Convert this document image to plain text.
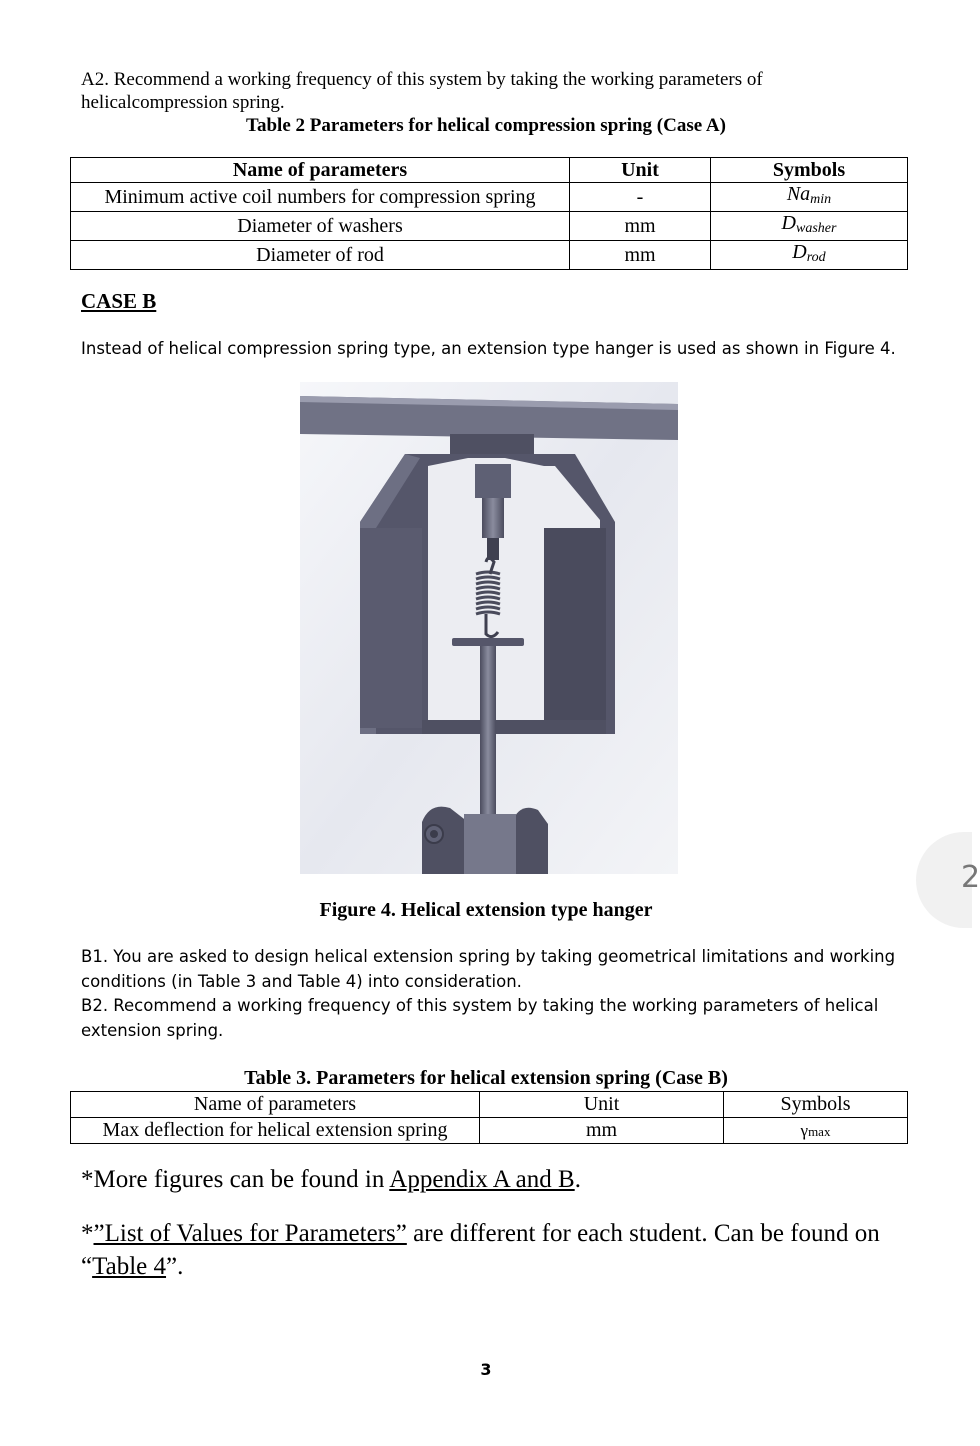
A2. Recommend a working frequency of this system by taking the working parameters of
helicalcompression spring.

Table 2 Parameters for helical compression spring (Case A)
Name of parameters	Unit	Symbols
Minimum active coil numbers for compression spring	-	$Na_{min}$
Diameter of washers	mm	$D_{washer}$
Diameter of rod	mm	$D_{rod}$
CASE B
Instead of helical compression spring type, an extension type hanger is used as shown in Figure 4.
Figure 4. Helical extension type hanger

B1. You are asked to design helical extension spring by taking geometrical limitations and working conditions (in Table 3 and Table 4) into consideration.

B2. Recommend a working frequency of this system by taking the working parameters of helical extension spring.

Table 3. Parameters for helical extension spring (Case B)
Name of parameters	Unit	Symbols
Max deflection for helical extension spring	mm	γmax

*More figures can be found in Appendix A and B.

*”List of Values for Parameters” are different for each student. Can be found on “Table 4”.

3
2
